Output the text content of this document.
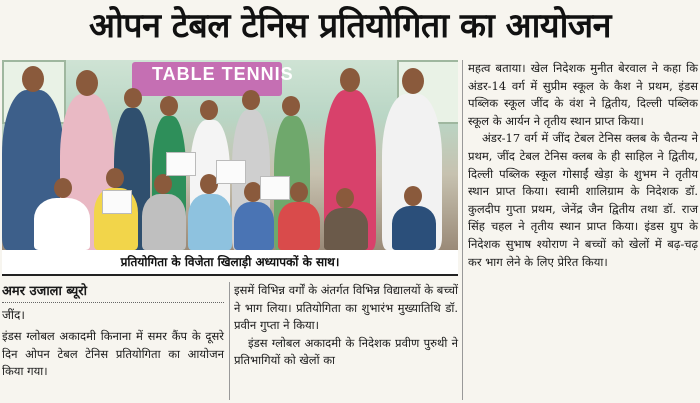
ओपन टेबल टेनिस प्रतियोगिता का आयोजन
TABLE TENNIS
प्रतियोगिता के विजेता खिलाड़ी अध्यापकों के साथ।
अमर उजाला ब्यूरो
जींद।
इंडस ग्लोबल अकादमी किनाना में समर कैंप के दूसरे दिन ओपन टेबल टेनिस प्रतियोगिता का आयोजन किया गया।
इसमें विभिन्न वर्गों के अंतर्गत विभिन्न विद्यालयों के बच्चों ने भाग लिया। प्रतियोगिता का शुभारंभ मुख्यातिथि डॉ. प्रवीन गुप्ता ने किया।
इंडस ग्लोबल अकादमी के निदेशक प्रवीण पुरुथी ने प्रतिभागियों को खेलों का
महत्व बताया। खेल निदेशक मुनीत बेरवाल ने कहा कि अंडर-14 वर्ग में सुप्रीम स्कूल के कैश ने प्रथम, इंडस पब्लिक स्कूल जींद के वंश ने द्वितीय, दिल्ली पब्लिक स्कूल के आर्यन ने तृतीय स्थान प्राप्त किया।
अंडर-17 वर्ग में जींद टेबल टेनिस क्लब के चैतन्य ने प्रथम, जींद टेबल टेनिस क्लब के ही साहिल ने द्वितीय, दिल्ली पब्लिक स्कूल गोसाईं खेड़ा के शुभम ने तृतीय स्थान प्राप्त किया। स्वामी शालिग्राम के निदेशक डॉ. कुलदीप गुप्ता प्रथम, जेनेंद्र जैन द्वितीय तथा डॉ. राज सिंह चहल ने तृतीय स्थान प्राप्त किया। इंडस ग्रुप के निदेशक सुभाष श्योराण ने बच्चों को खेलों में बढ़-चढ़ कर भाग लेने के लिए प्रेरित किया।
